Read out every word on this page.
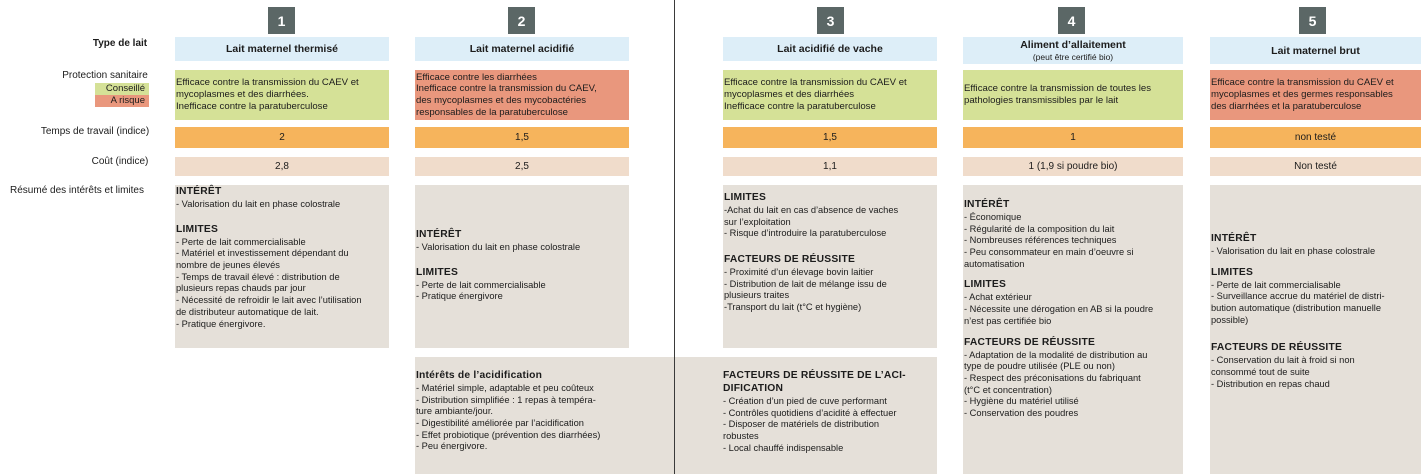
Type de lait
Protection sanitaire
Conseillé
A risque
Temps de travail (indice)
Coût (indice)
Résumé des intérêts et limites
1
Lait maternel thermisé
Efficace contre la transmission du CAEV et
mycoplasmes et des diarrhées.
Inefficace contre la paratuberculose
2
2,8
INTÉRÊT
- Valorisation du lait en phase colostrale
LIMITES
- Perte de lait commercialisable
- Matériel et investissement dépendant du
nombre de jeunes élevés
- Temps de travail élevé : distribution de
plusieurs repas chauds par jour
- Nécessité de refroidir le lait avec l’utilisation
de distributeur automatique de lait.
- Pratique énergivore.
2
Lait maternel acidifié
Efficace contre les diarrhées
Inefficace contre la transmission du CAEV,
des mycoplasmes et des mycobactéries
responsables de la paratuberculose
1,5
2,5
INTÉRÊT
- Valorisation du lait en phase colostrale
LIMITES
- Perte de lait commercialisable
- Pratique énergivore
Intérêts de l’acidification
- Matériel simple, adaptable et peu coûteux
- Distribution simplifiée : 1 repas à tempéra-
ture ambiante/jour.
- Digestibilité améliorée par l’acidification
- Effet probiotique (prévention des diarrhées)
- Peu énergivore.
3
Lait acidifié de vache
Efficace contre la transmission du CAEV et
mycoplasmes et des diarrhées
Inefficace contre la paratuberculose
1,5
1,1
LIMITES
-Achat du lait en cas d’absence de vaches
sur l’exploitation
- Risque d’introduire la paratuberculose
FACTEURS DE RÉUSSITE
- Proximité d’un élevage bovin laitier
- Distribution de lait de mélange issu de
plusieurs traites
-Transport du lait (t°C et hygiène)
FACTEURS DE RÉUSSITE DE L’ACI-
DIFICATION
- Création d’un pied de cuve performant
- Contrôles quotidiens d’acidité à effectuer
- Disposer de matériels de distribution
robustes
- Local chauffé indispensable
4
Aliment d’allaitement
(peut être certifié bio)
Efficace contre la transmission de toutes les
pathologies transmissibles par le lait
1
1 (1,9 si poudre bio)
INTÉRÊT
- Économique
- Régularité de la composition du lait
- Nombreuses références techniques
- Peu consommateur en main d’oeuvre si
automatisation
LIMITES
- Achat extérieur
- Nécessite une dérogation en AB si la poudre
n’est pas certifiée bio
FACTEURS DE RÉUSSITE
- Adaptation de la modalité de distribution au
type de poudre utilisée (PLE ou non)
- Respect des préconisations du fabriquant
(t°C et concentration)
- Hygiène du matériel utilisé
- Conservation des poudres
5
Lait maternel brut
Efficace contre la transmission du CAEV et
mycoplasmes et des germes responsables
des diarrhées et la paratuberculose
non testé
Non testé
INTÉRÊT
- Valorisation du lait en phase colostrale
LIMITES
- Perte de lait commercialisable
- Surveillance accrue du matériel de distri-
bution automatique (distribution manuelle
possible)
FACTEURS DE RÉUSSITE
- Conservation du lait à froid si non
consommé tout de suite
- Distribution en repas chaud
